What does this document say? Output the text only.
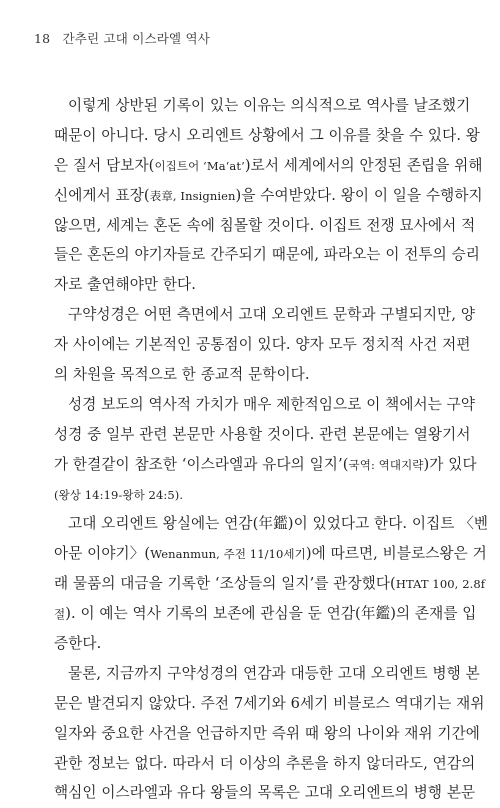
18 간추린 고대 이스라엘 역사
이렇게 상반된 기록이 있는 이유는 의식적으로 역사를 날조했기
때문이 아니다. 당시 오리엔트 상황에서 그 이유를 찾을 수 있다. 왕
은 질서 담보자(이집트어 ‘Ma‘at’)로서 세계에서의 안정된 존립을 위해
신에게서 표장(表章, Insignien)을 수여받았다. 왕이 이 일을 수행하지
않으면, 세계는 혼돈 속에 침몰할 것이다. 이집트 전쟁 묘사에서 적
들은 혼돈의 야기자들로 간주되기 때문에, 파라오는 이 전투의 승리
자로 출연해야만 한다.
구약성경은 어떤 측면에서 고대 오리엔트 문학과 구별되지만, 양
자 사이에는 기본적인 공통점이 있다. 양자 모두 정치적 사건 저편
의 차원을 목적으로 한 종교적 문학이다.
성경 보도의 역사적 가치가 매우 제한적임으로 이 책에서는 구약
성경 중 일부 관련 본문만 사용할 것이다. 관련 본문에는 열왕기서
가 한결같이 참조한 ‘이스라엘과 유다의 일지’(국역: 역대지략)가 있다
(왕상 14:19-왕하 24:5).
고대 오리엔트 왕실에는 연감(年鑑)이 있었다고 한다. 이집트 〈벤
아문 이야기〉(Wenanmun, 주전 11/10세기)에 따르면, 비블로스왕은 거
래 물품의 대금을 기록한 ‘조상들의 일지’를 관장했다(HTAT 100, 2.8f
절). 이 예는 역사 기록의 보존에 관심을 둔 연감(年鑑)의 존재를 입
증한다.
물론, 지금까지 구약성경의 연감과 대등한 고대 오리엔트 병행 본
문은 발견되지 않았다. 주전 7세기와 6세기 비블로스 역대기는 재위
일자와 중요한 사건을 언급하지만 즉위 때 왕의 나이와 재위 기간에
관한 정보는 없다. 따라서 더 이상의 추론을 하지 않더라도, 연감의
핵심인 이스라엘과 유다 왕들의 목록은 고대 오리엔트의 병행 본문
